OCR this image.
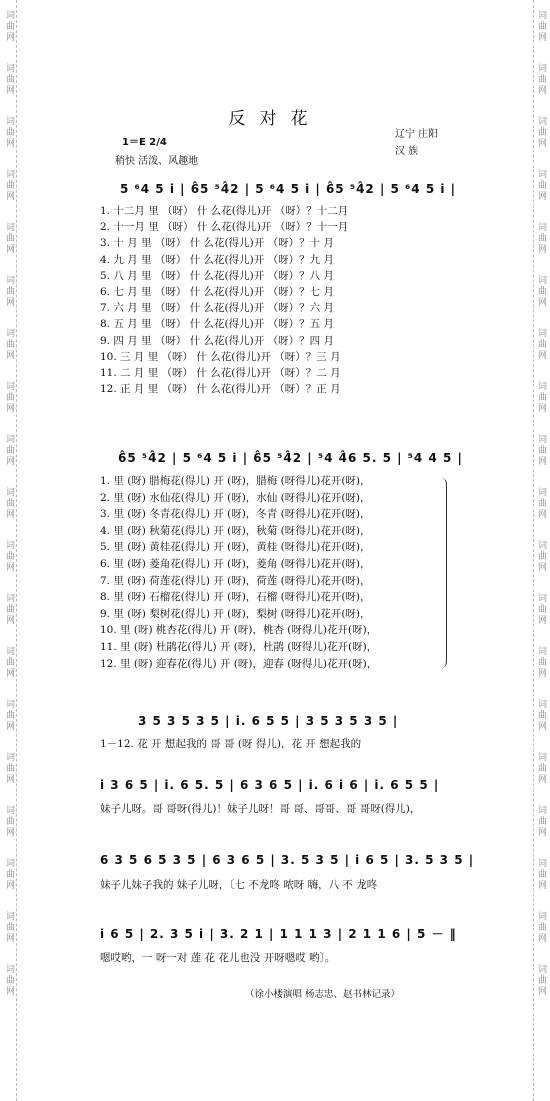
词曲网
词曲网
词曲网
词曲网
词曲网
词曲网
词曲网
词曲网
词曲网
词曲网
词曲网
词曲网
词曲网
词曲网
词曲网
词曲网
词曲网
词曲网
词曲网
词曲网
词曲网
词曲网
词曲网
词曲网
词曲网
词曲网
词曲网
词曲网
词曲网
词曲网
词曲网
词曲网
词曲网
词曲网
词曲网
词曲网
词曲网
词曲网
反对花
辽宁 庄阳
汉 族
1＝E 2/4
稍快 活泼、风趣地
5 ⁶4 5 i | 6̂5 ⁵4̂2 | 5 ⁶4 5 i | 6̂5 ⁵4̂2 | 5 ⁶4 5 i |
1. 十二月 里 （呀） 什 么花(得儿)开 （呀）？十二月
2. 十一月 里 （呀） 什 么花(得儿)开 （呀）？十一月
3. 十 月 里 （呀） 什 么花(得儿)开 （呀）？十 月
4. 九 月 里 （呀） 什 么花(得儿)开 （呀）？九 月
5. 八 月 里 （呀） 什 么花(得儿)开 （呀）？八 月
6. 七 月 里 （呀） 什 么花(得儿)开 （呀）？七 月
7. 六 月 里 （呀） 什 么花(得儿)开 （呀）？六 月
8. 五 月 里 （呀） 什 么花(得儿)开 （呀）？五 月
9. 四 月 里 （呀） 什 么花(得儿)开 （呀）？四 月
10. 三 月 里 （呀） 什 么花(得儿)开 （呀）？三 月
11. 二 月 里 （呀） 什 么花(得儿)开 （呀）？二 月
12. 正 月 里 （呀） 什 么花(得儿)开 （呀）？正 月
6̂5 ⁵4̂2 | 5 ⁶4 5 i | 6̂5 ⁵4̂2 | ⁵4 4̂6 5. 5 | ⁵4 4 5 |
1. 里 (呀) 腊梅花(得儿) 开 (呀)，腊梅 (呀得儿)花开(呀)，
2. 里 (呀) 水仙花(得儿) 开 (呀)，水仙 (呀得儿)花开(呀)，
3. 里 (呀) 冬青花(得儿) 开 (呀)，冬青 (呀得儿)花开(呀)，
4. 里 (呀) 秋菊花(得儿) 开 (呀)，秋菊 (呀得儿)花开(呀)，
5. 里 (呀) 黄桂花(得儿) 开 (呀)，黄桂 (呀得儿)花开(呀)，
6. 里 (呀) 菱角花(得儿) 开 (呀)，菱角 (呀得儿)花开(呀)，
7. 里 (呀) 荷莲花(得儿) 开 (呀)，荷莲 (呀得儿)花开(呀)，
8. 里 (呀) 石榴花(得儿) 开 (呀)，石榴 (呀得儿)花开(呀)，
9. 里 (呀) 梨树花(得儿) 开 (呀)，梨树 (呀得儿)花开(呀)，
10. 里 (呀) 桃杏花(得儿) 开 (呀)，桃杏 (呀得儿)花开(呀)，
11. 里 (呀) 杜鹃花(得儿) 开 (呀)，杜鹃 (呀得儿)花开(呀)，
12. 里 (呀) 迎春花(得儿) 开 (呀)，迎春 (呀得儿)花开(呀)，
3 5 3 5 3 5 | i. 6 5 5 | 3 5 3 5 3 5 |
1－12. 花 开 想起我的 哥 哥 (呀 得儿)，花 开 想起我的
i 3 6 5 | i. 6 5. 5 | 6 3 6 5 | i. 6 i 6 | i. 6 5 5 |
妹子儿呀。哥 哥呀(得儿)！妹子儿呀！哥 哥、哥哥、哥 哥呀(得儿)，
6 3 5 6 5 3 5 | 6 3 6 5 | 3. 5 3 5 | i 6 5 | 3. 5 3 5 |
妹子儿妹子我的 妹子儿呀，〔七 不龙咚 哝呀 嗨，八 不 龙咚
i 6 5 | 2. 3 5 i | 3. 2 1 | 1 1 1 3 | 2 1 1 6 | 5 － ‖
嗯哎哟，一 呀一对 莲 花 花儿也没 开呀嗯哎 哟〕。
（徐小楼演唱 杨志忠、赵书林记录）
